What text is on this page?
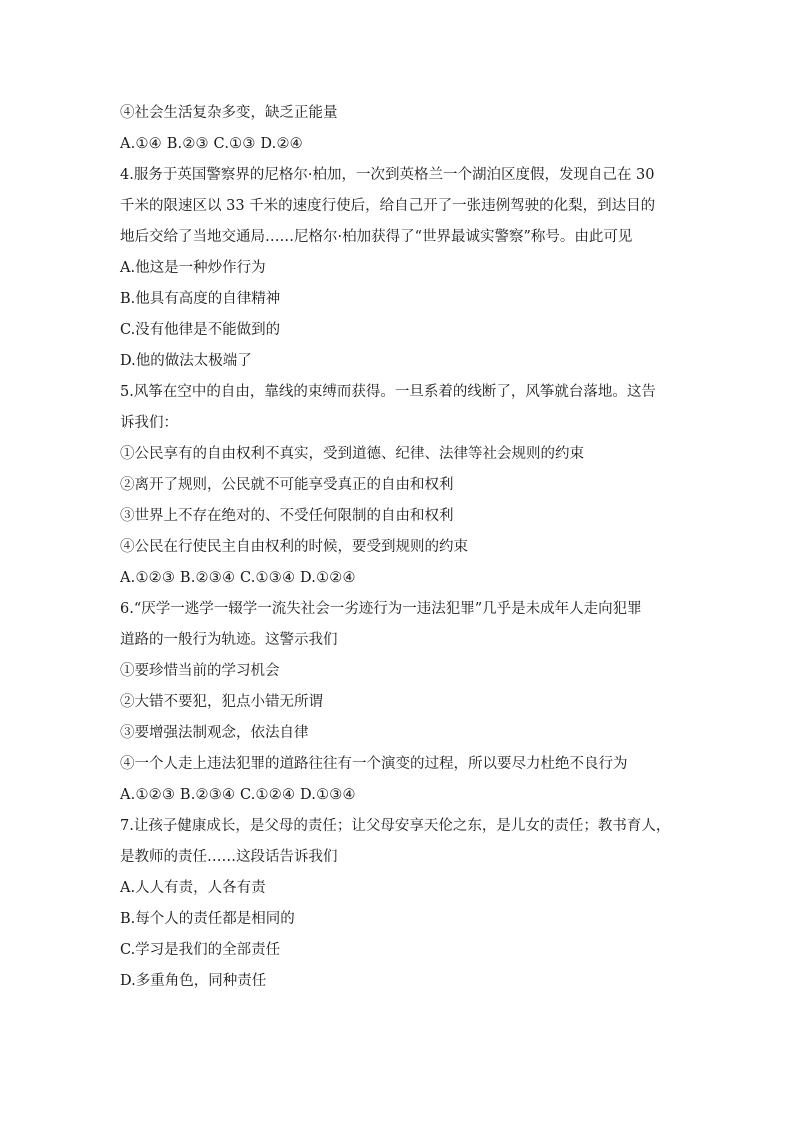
④社会生活复杂多变，缺乏正能量
A.①④ B.②③ C.①③ D.②④
4.服务于英国警察界的尼格尔·柏加，一次到英格兰一个湖泊区度假，发现自己在 30
千米的限速区以 33 千米的速度行使后，给自己开了一张违例驾驶的化梨，到达目的
地后交给了当地交通局……尼格尔·柏加获得了“世界最诚实警察”称号。由此可见
A.他这是一种炒作行为
B.他具有高度的自律精神
C.没有他律是不能做到的
D.他的做法太极端了
5.风筝在空中的自由，靠线的束缚而获得。一旦系着的线断了，风筝就台落地。这告
诉我们：
①公民享有的自由权利不真实，受到道德、纪律、法律等社会规则的约束
②离开了规则，公民就不可能享受真正的自由和权利
③世界上不存在绝对的、不受任何限制的自由和权利
④公民在行使民主自由权利的时候，要受到规则的约束
A.①②③ B.②③④ C.①③④ D.①②④
6.“厌学一逃学一辍学一流失社会一劣迹行为一违法犯罪”几乎是未成年人走向犯罪
道路的一般行为轨迹。这警示我们
①要珍惜当前的学习机会
②大错不要犯，犯点小错无所谓
③要增强法制观念，依法自律
④一个人走上违法犯罪的道路往往有一个演变的过程，所以要尽力杜绝不良行为
A.①②③ B.②③④ C.①②④ D.①③④
7.让孩子健康成长，是父母的责任；让父母安享天伦之东，是儿女的责任；教书育人，
是教师的责任……这段话告诉我们
A.人人有责，人各有责
B.每个人的责任都是相同的
C.学习是我们的全部责任
D.多重角色，同种责任
